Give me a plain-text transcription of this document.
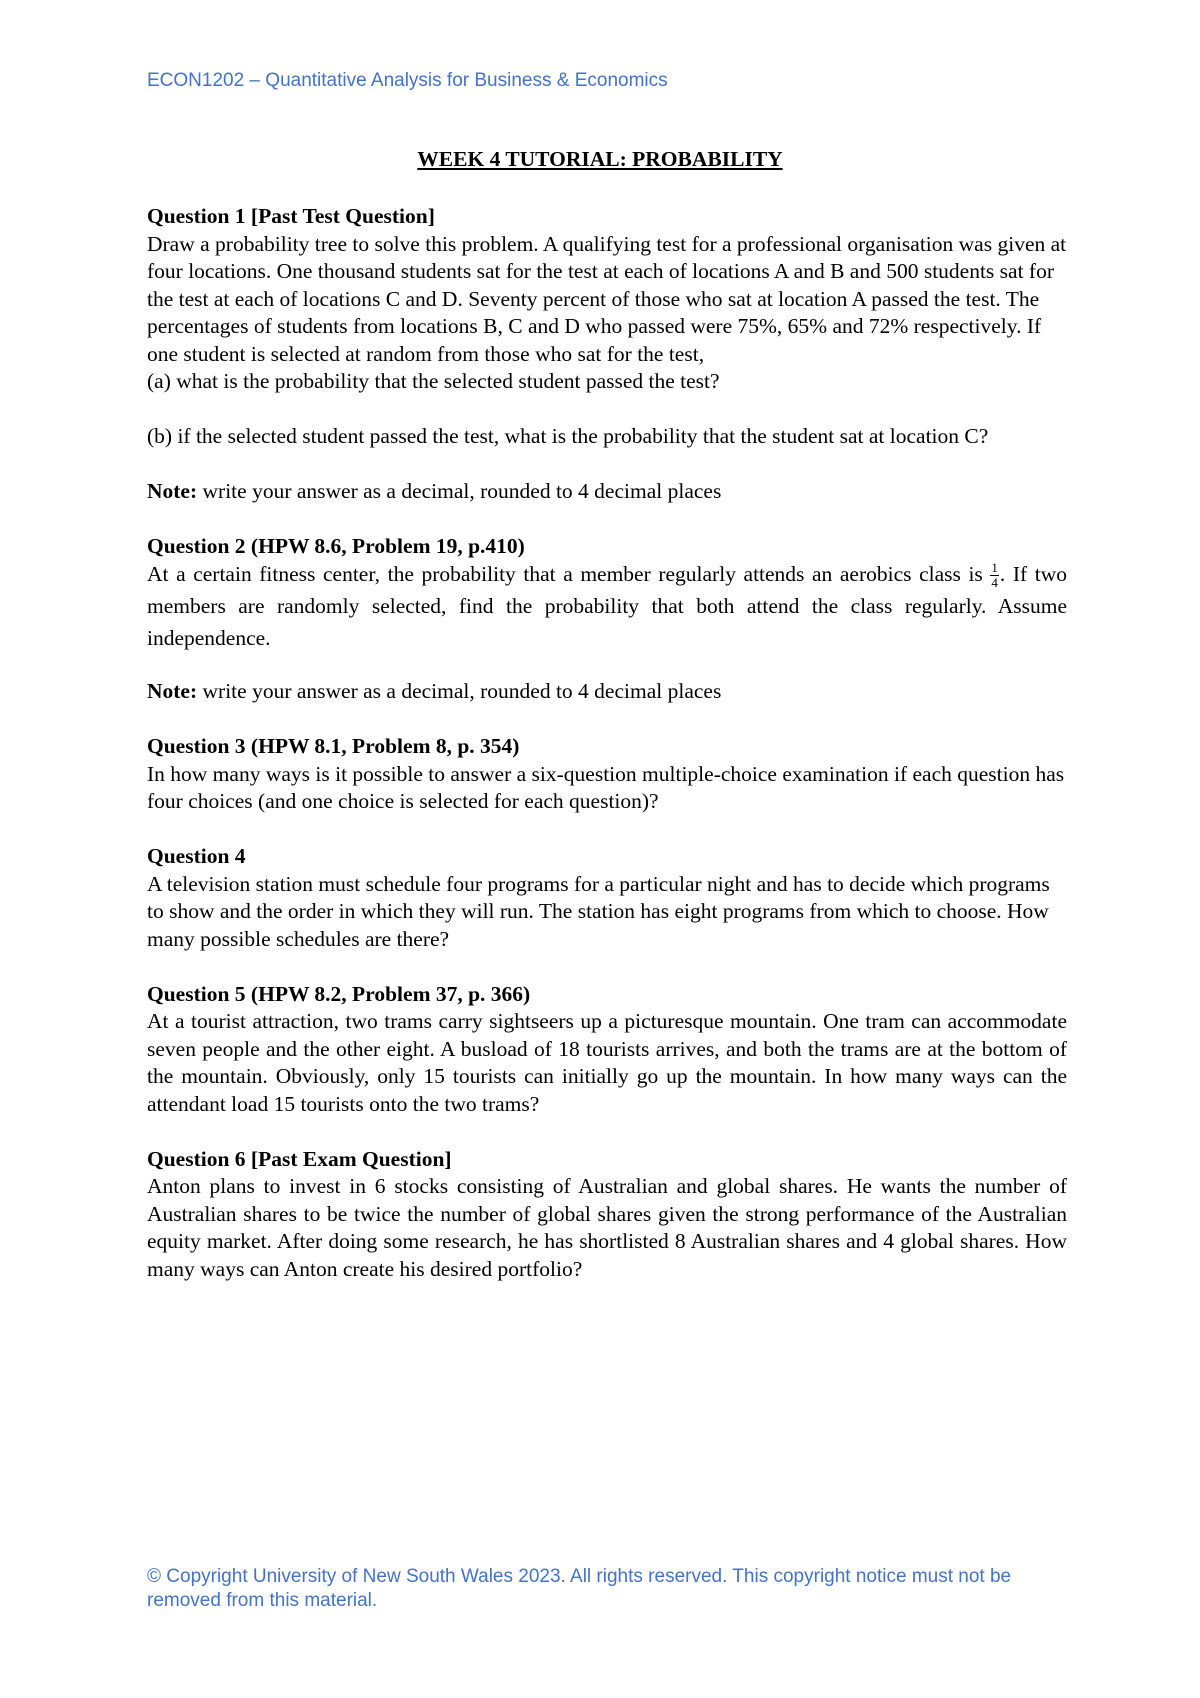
ECON1202 – Quantitative Analysis for Business & Economics
WEEK 4 TUTORIAL: PROBABILITY

Question 1 [Past Test Question]

Draw a probability tree to solve this problem. A qualifying test for a professional organisation was given at four locations. One thousand students sat for the test at each of locations A and B and 500 students sat for the test at each of locations C and D. Seventy percent of those who sat at location A passed the test. The percentages of students from locations B, C and D who passed were 75%, 65% and 72% respectively. If one student is selected at random from those who sat for the test,

(a) what is the probability that the selected student passed the test?

(b) if the selected student passed the test, what is the probability that the student sat at location C?

Note: write your answer as a decimal, rounded to 4 decimal places

Question 2 (HPW 8.6, Problem 19, p.410)

At a certain fitness center, the probability that a member regularly attends an aerobics class is $\frac{1}{4}$ . If two members are randomly selected, find the probability that both attend the class regularly. Assume independence.

Note: write your answer as a decimal, rounded to 4 decimal places

Question 3 (HPW 8.1, Problem 8, p. 354)

In how many ways is it possible to answer a six-question multiple-choice examination if each question has four choices (and one choice is selected for each question)?

Question 4

A television station must schedule four programs for a particular night and has to decide which programs to show and the order in which they will run. The station has eight programs from which to choose. How many possible schedules are there?

Question 5 (HPW 8.2, Problem 37, p. 366)

At a tourist attraction, two trams carry sightseers up a picturesque mountain. One tram can accommodate seven people and the other eight. A busload of 18 tourists arrives, and both the trams are at the bottom of the mountain. Obviously, only 15 tourists can initially go up the mountain. In how many ways can the attendant load 15 tourists onto the two trams?

Question 6 [Past Exam Question]

Anton plans to invest in 6 stocks consisting of Australian and global shares. He wants the number of Australian shares to be twice the number of global shares given the strong performance of the Australian equity market. After doing some research, he has shortlisted 8 Australian shares and 4 global shares. How many ways can Anton create his desired portfolio?

© Copyright University of New South Wales 2023. All rights reserved. This copyright notice must not be removed from this material.
